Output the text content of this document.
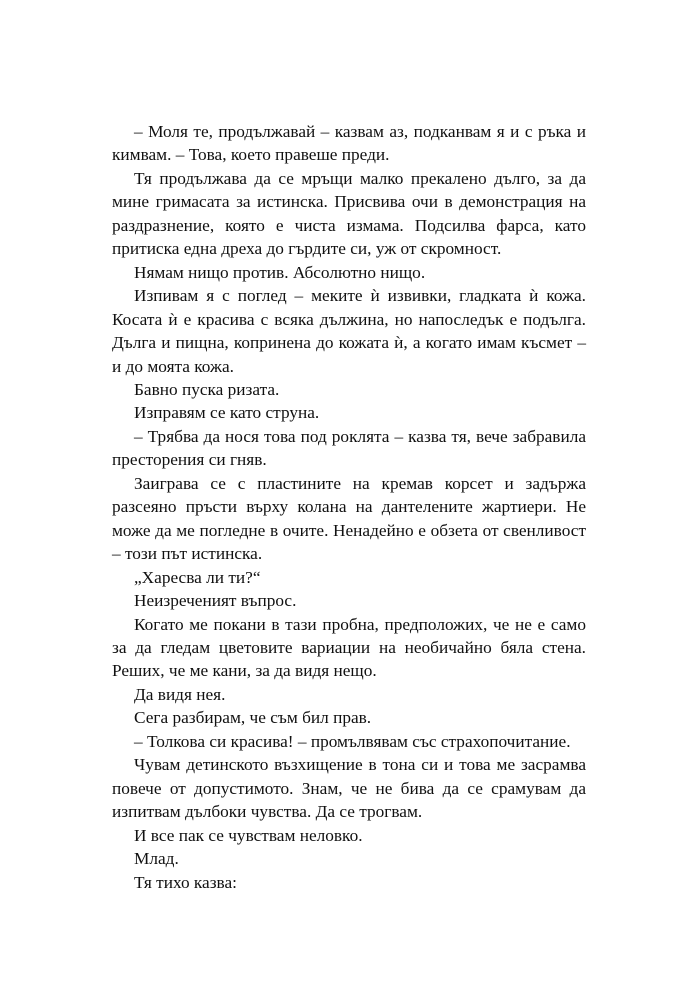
– Моля те, продължавай – казвам аз, подканвам я и с ръка и кимвам. – Това, което правеше преди.

Тя продължава да се мръщи малко прекалено дълго, за да мине гримасата за истинска. Присвива очи в демонстрация на раздразнение, която е чиста измама. Подсилва фарса, като притиска една дреха до гърдите си, уж от скромност.

Нямам нищо против. Абсолютно нищо.

Изпивам я с поглед – меките ѝ извивки, гладката ѝ кожа. Косата ѝ е красива с всяка дължина, но напоследък е подълга. Дълга и пищна, копринена до кожата ѝ, а когато имам късмет – и до моята кожа.

Бавно пуска ризата.

Изправям се като струна.

– Трябва да нося това под роклята – казва тя, вече забравила престорения си гняв.

Заиграва се с пластините на кремав корсет и задържа разсеяно пръсти върху колана на дантелените жартиери. Не може да ме погледне в очите. Ненадейно е обзета от свенливост – този път истинска.

„Харесва ли ти?“

Неизреченият въпрос.

Когато ме покани в тази пробна, предположих, че не е само за да гледам цветовите вариации на необичайно бяла стена. Реших, че ме кани, за да видя нещо.

Да видя нея.

Сега разбирам, че съм бил прав.

– Толкова си красива! – промълвявам със страхопочитание.

Чувам детинското възхищение в тона си и това ме засрамва повече от допустимото. Знам, че не бива да се срамувам да изпитвам дълбоки чувства. Да се трогвам.

И все пак се чувствам неловко.

Млад.

Тя тихо казва:
